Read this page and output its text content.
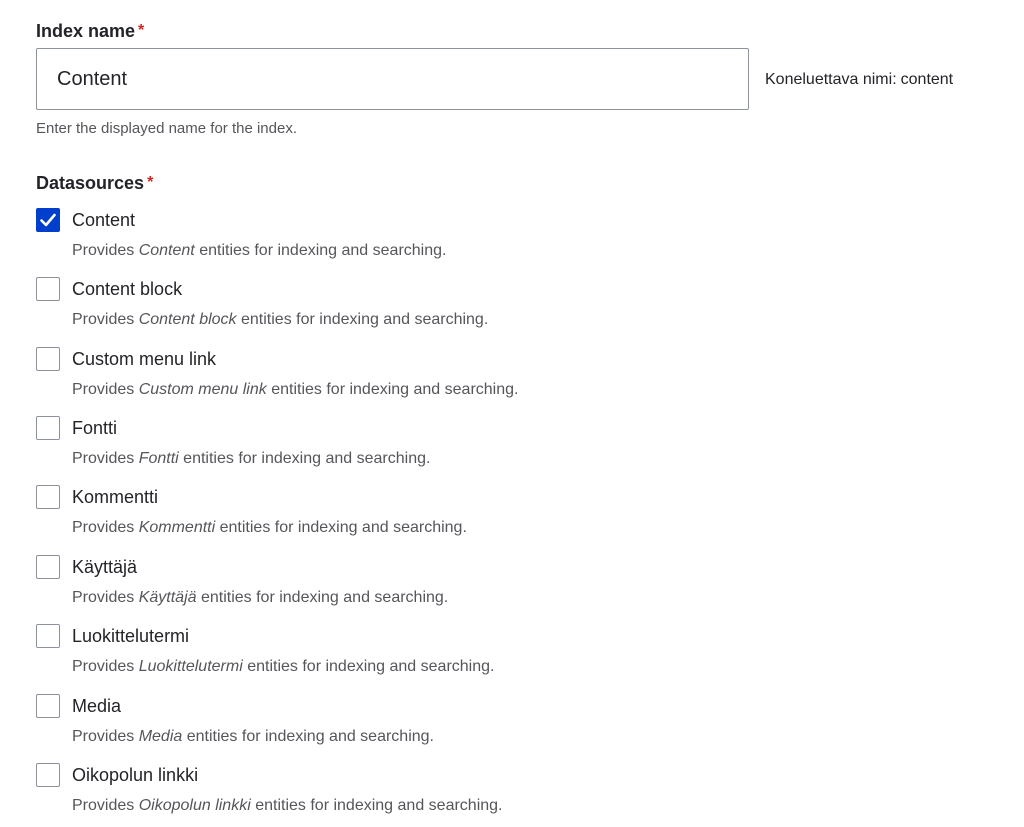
Index name *
Content
Koneluettava nimi: content
Enter the displayed name for the index.
Datasources *
Content
Provides Content entities for indexing and searching.
Content block
Provides Content block entities for indexing and searching.
Custom menu link
Provides Custom menu link entities for indexing and searching.
Fontti
Provides Fontti entities for indexing and searching.
Kommentti
Provides Kommentti entities for indexing and searching.
Käyttäjä
Provides Käyttäjä entities for indexing and searching.
Luokittelutermi
Provides Luokittelutermi entities for indexing and searching.
Media
Provides Media entities for indexing and searching.
Oikopolun linkki
Provides Oikopolun linkki entities for indexing and searching.
